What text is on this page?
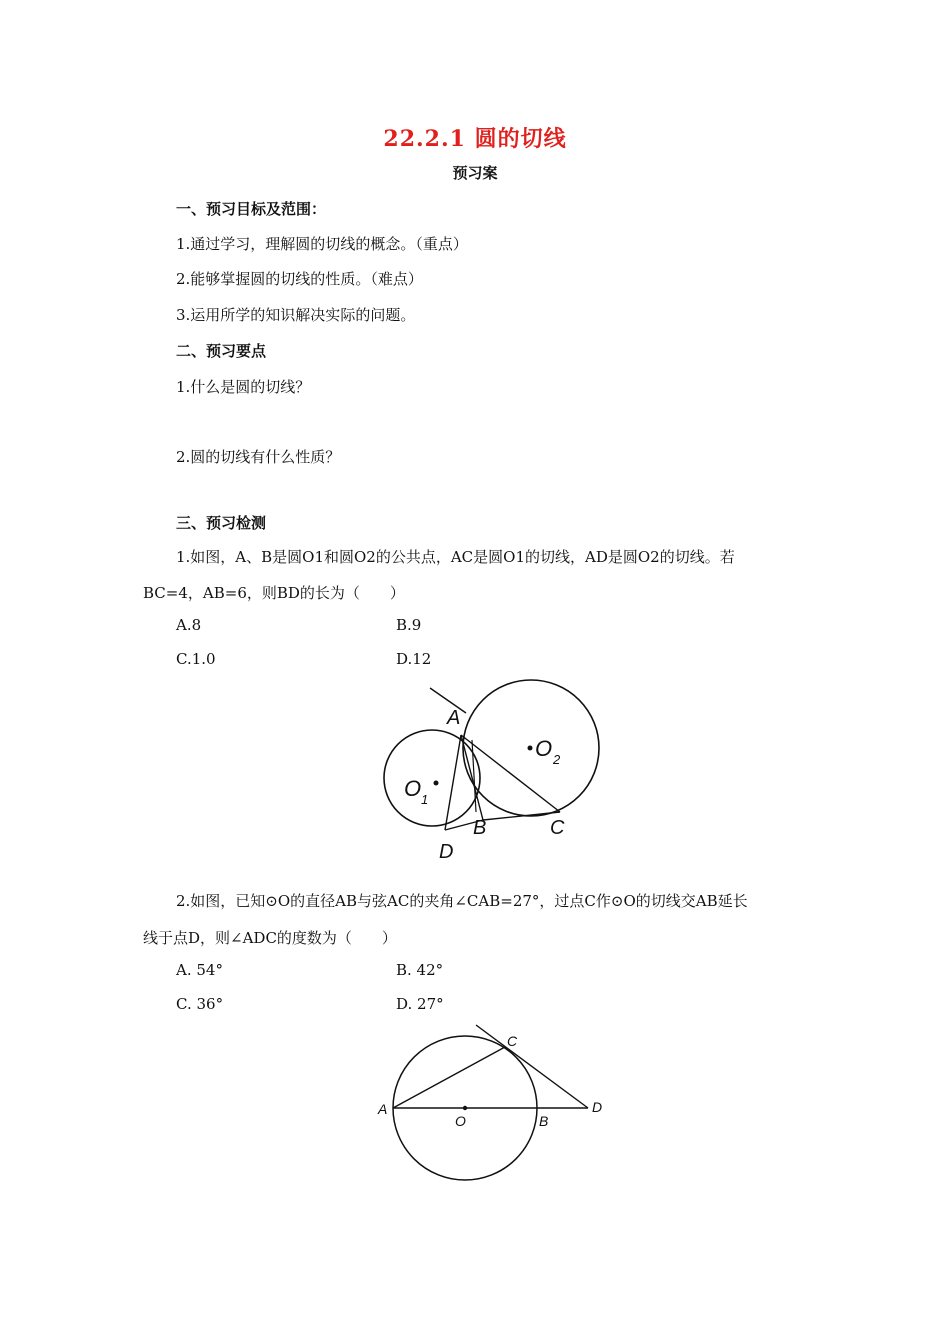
22.2.1 圆的切线
预习案
一、预习目标及范围：
1.通过学习，理解圆的切线的概念。（重点）
2.能够掌握圆的切线的性质。（难点）
3.运用所学的知识解决实际的问题。
二、预习要点
1.什么是圆的切线？
2.圆的切线有什么性质？
三、预习检测
1.如图，A、B是圆O1和圆O2的公共点，AC是圆O1的切线，AD是圆O2的切线。若
BC=4，AB=6，则BD的长为（　　）
A.8	B.9
C.1.0	D.12
A
B	C
D
O 1
O 2
2.如图，已知⊙O的直径AB与弦AC的夹角∠CAB=27°，过点C作⊙O的切线交AB延长
线于点D，则∠ADC的度数为（　　）
A. 54°	B. 42°
C. 36°	D. 27°
A
O	B
C
D
